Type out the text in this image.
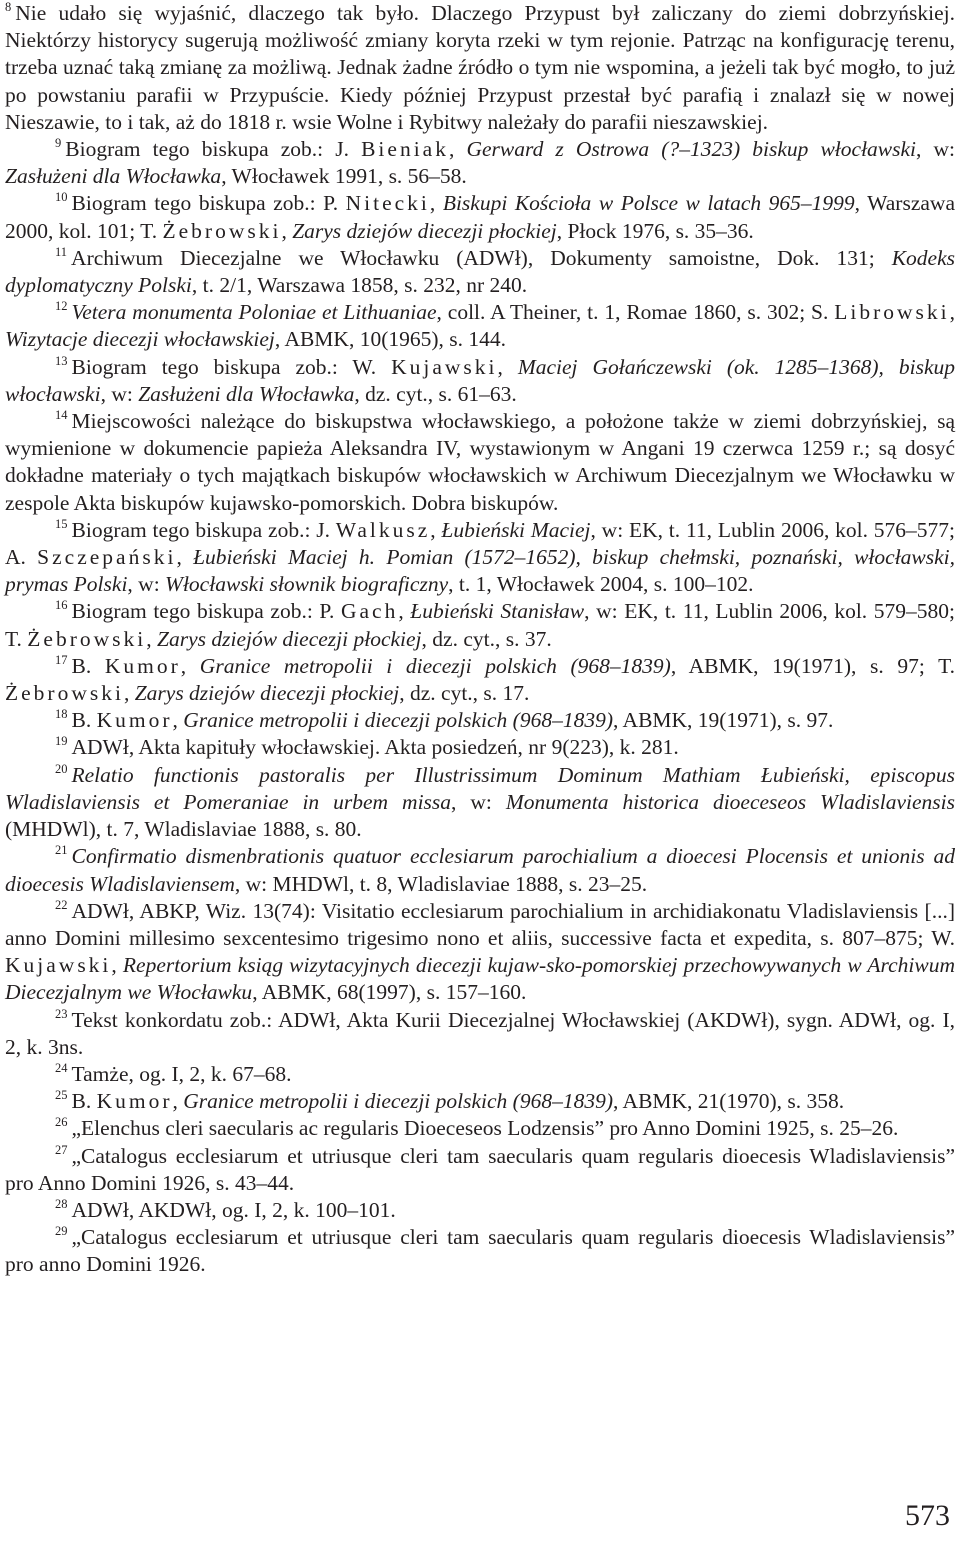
$^8$ Nie udało się wyjaśnić, dlaczego tak było. Dlaczego Przypust był zaliczany do ziemi dobrzyńskiej. Niektórzy historycy sugerują możliwość zmiany koryta rzeki w tym rejonie. Patrząc na konfigurację terenu, trzeba uznać taką zmianę za możliwą. Jednak żadne źródło o tym nie wspomina, a jeżeli tak być mogło, to już po powstaniu parafii w Przypuście. Kiedy później Przypust przestał być parafią i znalazł się w nowej Nieszawie, to i tak, aż do 1818 r. wsie Wolne i Rybitwy należały do parafii nieszawskiej.

$^9$ Biogram tego biskupa zob.: J. Bieniak, Gerward z Ostrowa (?–1323) biskup włocławski, w: Zasłużeni dla Włocławka, Włocławek 1991, s. 56–58.

$^{10}$ Biogram tego biskupa zob.: P. Nitecki, Biskupi Kościoła w Polsce w latach 965–1999, Warszawa 2000, kol. 101; T. Żebrowski, Zarys dziejów diecezji płockiej, Płock 1976, s. 35–36.

$^{11}$ Archiwum Diecezjalne we Włocławku (ADWł), Dokumenty samoistne, Dok. 131; Kodeks dyplomatyczny Polski, t. 2/1, Warszawa 1858, s. 232, nr 240.

$^{12}$ Vetera monumenta Poloniae et Lithuaniae, coll. A Theiner, t. 1, Romae 1860, s. 302; S. Librowski, Wizytacje diecezji włocławskiej, ABMK, 10(1965), s. 144.

$^{13}$ Biogram tego biskupa zob.: W. Kujawski, Maciej Gołańczewski (ok. 1285–1368), biskup włocławski, w: Zasłużeni dla Włocławka, dz. cyt., s. 61–63.

$^{14}$ Miejscowości należące do biskupstwa włocławskiego, a położone także w ziemi dobrzyńskiej, są wymienione w dokumencie papieża Aleksandra IV, wystawionym w Angani 19 czerwca 1259 r.; są dosyć dokładne materiały o tych majątkach biskupów włocławskich w Archiwum Diecezjalnym we Włocławku w zespole Akta biskupów kujawsko-pomorskich. Dobra biskupów.

$^{15}$ Biogram tego biskupa zob.: J. Walkusz, Łubieński Maciej, w: EK, t. 11, Lublin 2006, kol. 576–577; A. Szczepański, Łubieński Maciej h. Pomian (1572–1652), biskup chełmski, poznański, włocławski, prymas Polski, w: Włocławski słownik biograficzny, t. 1, Włocławek 2004, s. 100–102.

$^{16}$ Biogram tego biskupa zob.: P. Gach, Łubieński Stanisław, w: EK, t. 11, Lublin 2006, kol. 579–580; T. Żebrowski, Zarys dziejów diecezji płockiej, dz. cyt., s. 37.

$^{17}$ B. Kumor, Granice metropolii i diecezji polskich (968–1839), ABMK, 19(1971), s. 97; T. Żebrowski, Zarys dziejów diecezji płockiej, dz. cyt., s. 17.

$^{18}$ B. Kumor, Granice metropolii i diecezji polskich (968–1839), ABMK, 19(1971), s. 97.

$^{19}$ ADWł, Akta kapituły włocławskiej. Akta posiedzeń, nr 9(223), k. 281.

$^{20}$ Relatio functionis pastoralis per Illustrissimum Dominum Mathiam Łubieński, episcopus Wladislaviensis et Pomeraniae in urbem missa, w: Monumenta historica dioeceseos Wladislaviensis (MHDWl), t. 7, Wladislaviae 1888, s. 80.

$^{21}$ Confirmatio dismenbrationis quatuor ecclesiarum parochialium a dioecesi Plocensis et unionis ad dioecesis Wladislaviensem, w: MHDWl, t. 8, Wladislaviae 1888, s. 23–25.

$^{22}$ ADWł, ABKP, Wiz. 13(74): Visitatio ecclesiarum parochialium in archidiakonatu Vladislaviensis [...] anno Domini millesimo sexcentesimo trigesimo nono et aliis, successive facta et expedita, s. 807–875; W. Kujawski, Repertorium ksiąg wizytacyjnych diecezji kujaw-sko-pomorskiej przechowywanych w Archiwum Diecezjalnym we Włocławku, ABMK, 68(1997), s. 157–160.

$^{23}$ Tekst konkordatu zob.: ADWł, Akta Kurii Diecezjalnej Włocławskiej (AKDWł), sygn. ADWł, og. I, 2, k. 3ns.

$^{24}$ Tamże, og. I, 2, k. 67–68.

$^{25}$ B. Kumor, Granice metropolii i diecezji polskich (968–1839), ABMK, 21(1970), s. 358.

$^{26}$ „Elenchus cleri saecularis ac regularis Dioeceseos Lodzensis” pro Anno Domini 1925, s. 25–26.

$^{27}$ „Catalogus ecclesiarum et utriusque cleri tam saecularis quam regularis dioecesis Wladislaviensis” pro Anno Domini 1926, s. 43–44.

$^{28}$ ADWł, AKDWł, og. I, 2, k. 100–101.

$^{29}$ „Catalogus ecclesiarum et utriusque cleri tam saecularis quam regularis dioecesis Wladislaviensis” pro anno Domini 1926.

573
